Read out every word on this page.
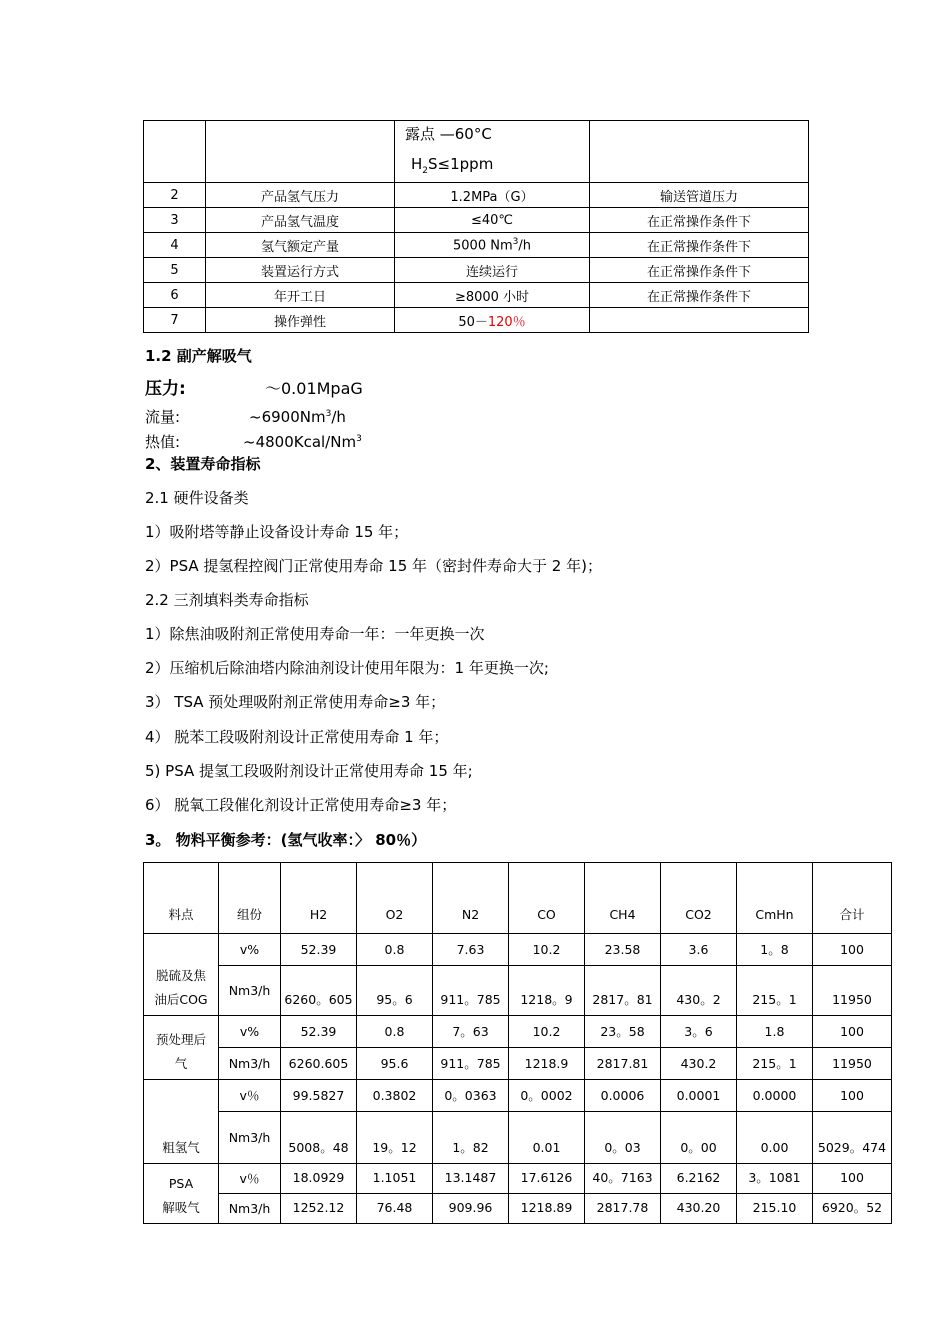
		露点 —60°C
$H_2S\le 1ppm$	

2	产品氢气压力	1.2MPa（G）	输送管道压力
3	产品氢气温度	≤40℃	在正常操作条件下
4	氢气额定产量	5000 Nm$^3$/h	在正常操作条件下
5	装置运行方式	连续运行	在正常操作条件下
6	年开工日	≥8000 小时	在正常操作条件下
7	操作弹性	50－120％	
1.2 副产解吸气
压力:	～0.01MpaG
流量:	~6900Nm$^3$/h
热值:	~4800Kcal/Nm$^3$
2、装置寿命指标
2.1 硬件设备类
1）吸附塔等静止设备设计寿命 15 年；
2）PSA 提氢程控阀门正常使用寿命 15 年（密封件寿命大于 2 年)；
2.2 三剂填料类寿命指标
1）除焦油吸附剂正常使用寿命一年：一年更换一次
2）压缩机后除油塔内除油剂设计使用年限为：1 年更换一次;
3） TSA 预处理吸附剂正常使用寿命≥3 年；
4） 脱苯工段吸附剂设计正常使用寿命 1 年；
5) PSA 提氢工段吸附剂设计正常使用寿命 15 年;
6） 脱氧工段催化剂设计正常使用寿命≥3 年；
3。 物料平衡参考：(氢气收率：〉 80％）
料点	组份	H2	O2	N2	CO	CH4	CO2	CmHn	合计

脱硫及焦
油后COG	v%	52.39	0.8	7.63	10.2	23.58	3.6	1。8	100
	Nm3/h	6260。605	95。6	911。785	1218。9	2817。81	430。2	215。1	11950

预处理后
气	v%	52.39	0.8	7。63	10.2	23。58	3。6	1.8	100
	Nm3/h	6260.605	95.6	911。785	1218.9	2817.81	430.2	215。1	11950

粗氢气	v％	99.5827	0.3802	0。0363	0。0002	0.0006	0.0001	0.0000	100
	Nm3/h	5008。48	19。12	1。82	0.01	0。03	0。00	0.00	5029。474

PSA
解吸气	v％	18.0929	1.1051	13.1487	17.6126	40。7163	6.2162	3。1081	100
	Nm3/h	1252.12	76.48	909.96	1218.89	2817.78	430.20	215.10	6920。52
